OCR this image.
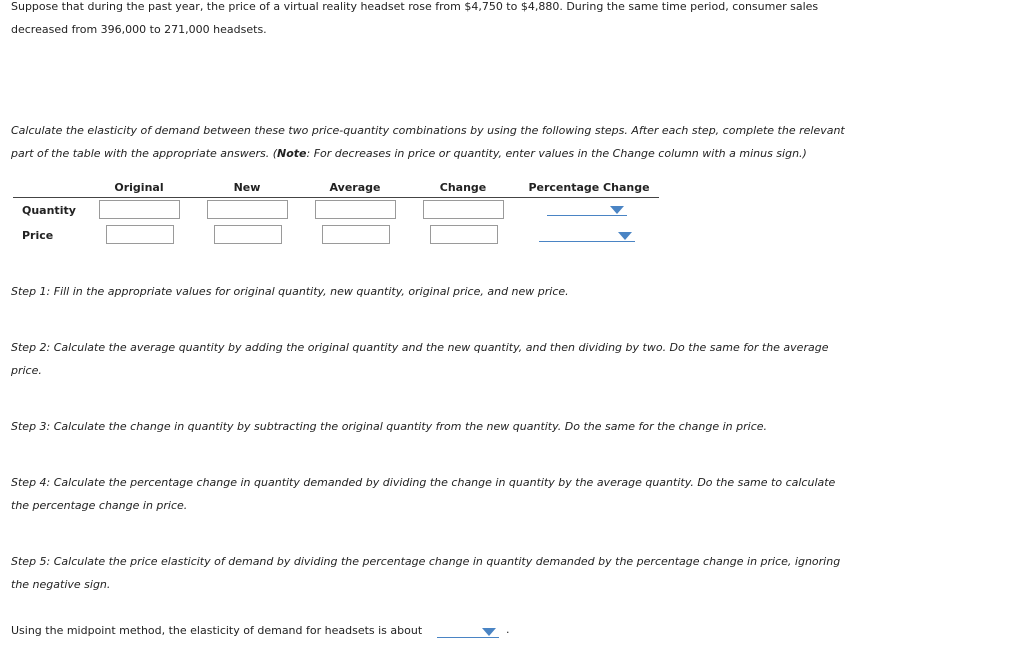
Suppose that during the past year, the price of a virtual reality headset rose from $4,750 to $4,880. During the same time period, consumer sales
decreased from 396,000 to 271,000 headsets.

Calculate the elasticity of demand between these two price-quantity combinations by using the following steps. After each step, complete the relevant
part of the table with the appropriate answers. (Note: For decreases in price or quantity, enter values in the Change column with a minus sign.)

Original	New	Average	Change	Percentage Change
Quantity
Price

Step 1: Fill in the appropriate values for original quantity, new quantity, original price, and new price.

Step 2: Calculate the average quantity by adding the original quantity and the new quantity, and then dividing by two. Do the same for the average
price.

Step 3: Calculate the change in quantity by subtracting the original quantity from the new quantity. Do the same for the change in price.

Step 4: Calculate the percentage change in quantity demanded by dividing the change in quantity by the average quantity. Do the same to calculate
the percentage change in price.

Step 5: Calculate the price elasticity of demand by dividing the percentage change in quantity demanded by the percentage change in price, ignoring
the negative sign.

Using the midpoint method, the elasticity of demand for headsets is about	.
